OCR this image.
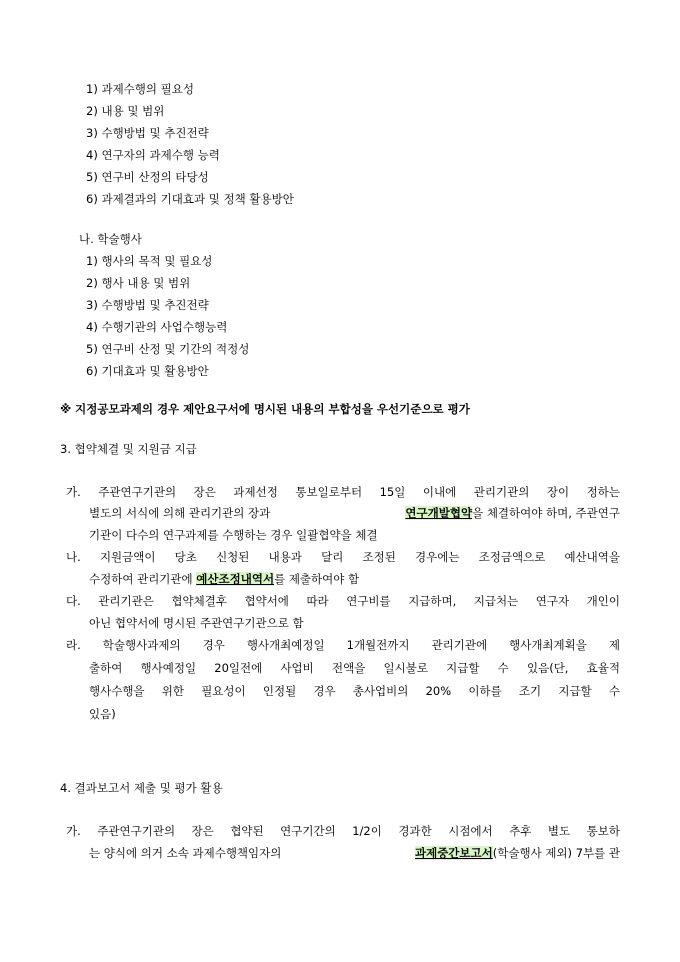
1) 과제수행의 필요성
2) 내용 및 범위
3) 수행방법 및 추진전략
4) 연구자의 과제수행 능력
5) 연구비 산정의 타당성
6) 과제결과의 기대효과 및 정책 활용방안
나. 학술행사
1) 행사의 목적 및 필요성
2) 행사 내용 및 범위
3) 수행방법 및 추진전략
4) 수행기관의 사업수행능력
5) 연구비 산정 및 기간의 적정성
6) 기대효과 및 활용방안
※ 지정공모과제의 경우 제안요구서에 명시된 내용의 부합성을 우선기준으로 평가
3. 협약체결 및 지원금 지급
가. 주관연구기관의 장은 과제선정 통보일로부터 15일 이내에 관리기관의 장이 정하는
별도의 서식에 의해 관리기관의 장과	연구개발협약을 체결하여야 하며, 주관연구
기관이 다수의 연구과제를 수행하는 경우 일괄협약을 체결
나. 지원금액이 당초 신청된 내용과 달리 조정된 경우에는 조정금액으로 예산내역을
수정하여 관리기관에 예산조정내역서를 제출하여야 함
다. 관리기관은 협약체결후 협약서에 따라 연구비를 지급하며, 지급처는 연구자 개인이
아닌 협약서에 명시된 주관연구기관으로 함
라. 학술행사과제의 경우 행사개최예정일 1개월전까지 관리기관에 행사개최계획을 제
출하여 행사예정일 20일전에 사업비 전액을 일시불로 지급할 수 있음(단, 효율적
행사수행을 위한 필요성이 인정될 경우 총사업비의 20% 이하를 조기 지급할 수
있음)
4. 결과보고서 제출 및 평가 활용
가. 주관연구기관의 장은 협약된 연구기간의 1/2이 경과한 시점에서 추후 별도 통보하
는 양식에 의거 소속 과제수행책임자의	과제중간보고서(학술행사 제외) 7부를 관
